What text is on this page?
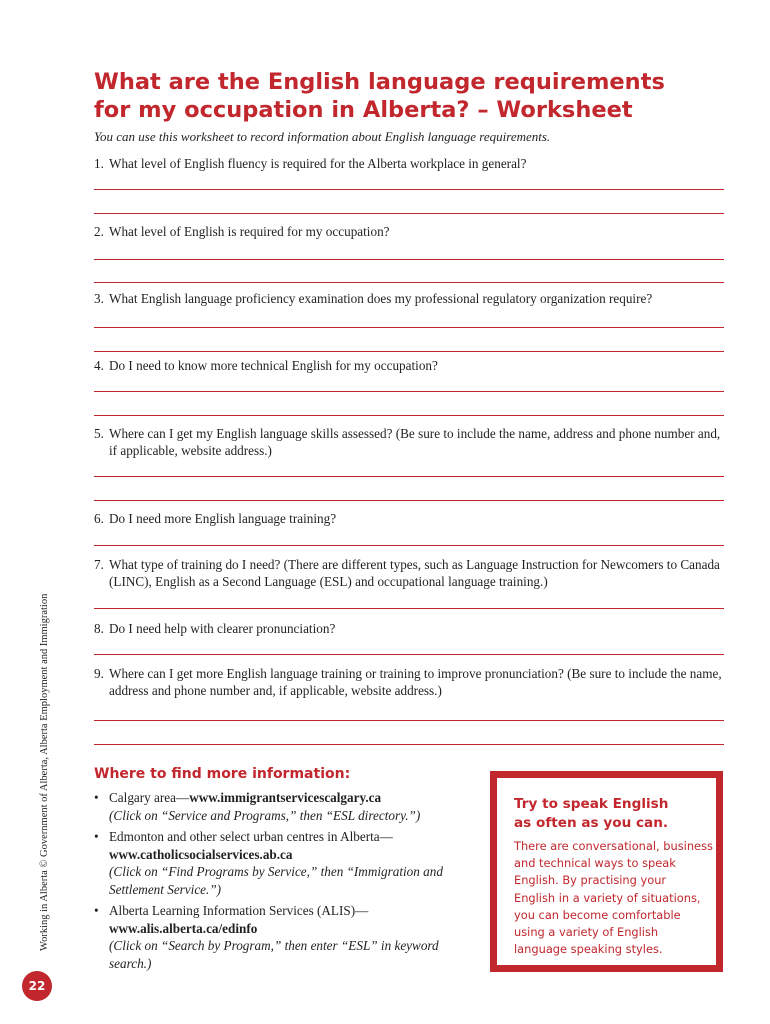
What are the English language requirements
for my occupation in Alberta? – Worksheet
You can use this worksheet to record information about English language requirements.
1. What level of English fluency is required for the Alberta workplace in general?
2. What level of English is required for my occupation?
3. What English language proficiency examination does my professional regulatory organization require?
4. Do I need to know more technical English for my occupation?
5. Where can I get my English language skills assessed? (Be sure to include the name, address and phone number and, if applicable, website address.)
6. Do I need more English language training?
7. What type of training do I need? (There are different types, such as Language Instruction for Newcomers to Canada (LINC), English as a Second Language (ESL) and occupational language training.)
8. Do I need help with clearer pronunciation?
9. Where can I get more English language training or training to improve pronunciation? (Be sure to include the name, address and phone number and, if applicable, website address.)
Where to find more information:
• Calgary area—www.immigrantservicescalgary.ca
(Click on “Service and Programs,” then “ESL directory.”)
• Edmonton and other select urban centres in Alberta—
www.catholicsocialservices.ab.ca
(Click on “Find Programs by Service,” then “Immigration and Settlement Service.”)
• Alberta Learning Information Services (ALIS)—
www.alis.alberta.ca/edinfo
(Click on “Search by Program,” then enter “ESL” in keyword search.)
Try to speak English
as often as you can.
There are conversational, business
and technical ways to speak
English. By practising your
English in a variety of situations,
you can become comfortable
using a variety of English
language speaking styles.
Working in Alberta © Government of Alberta, Alberta Employment and Immigration
22
